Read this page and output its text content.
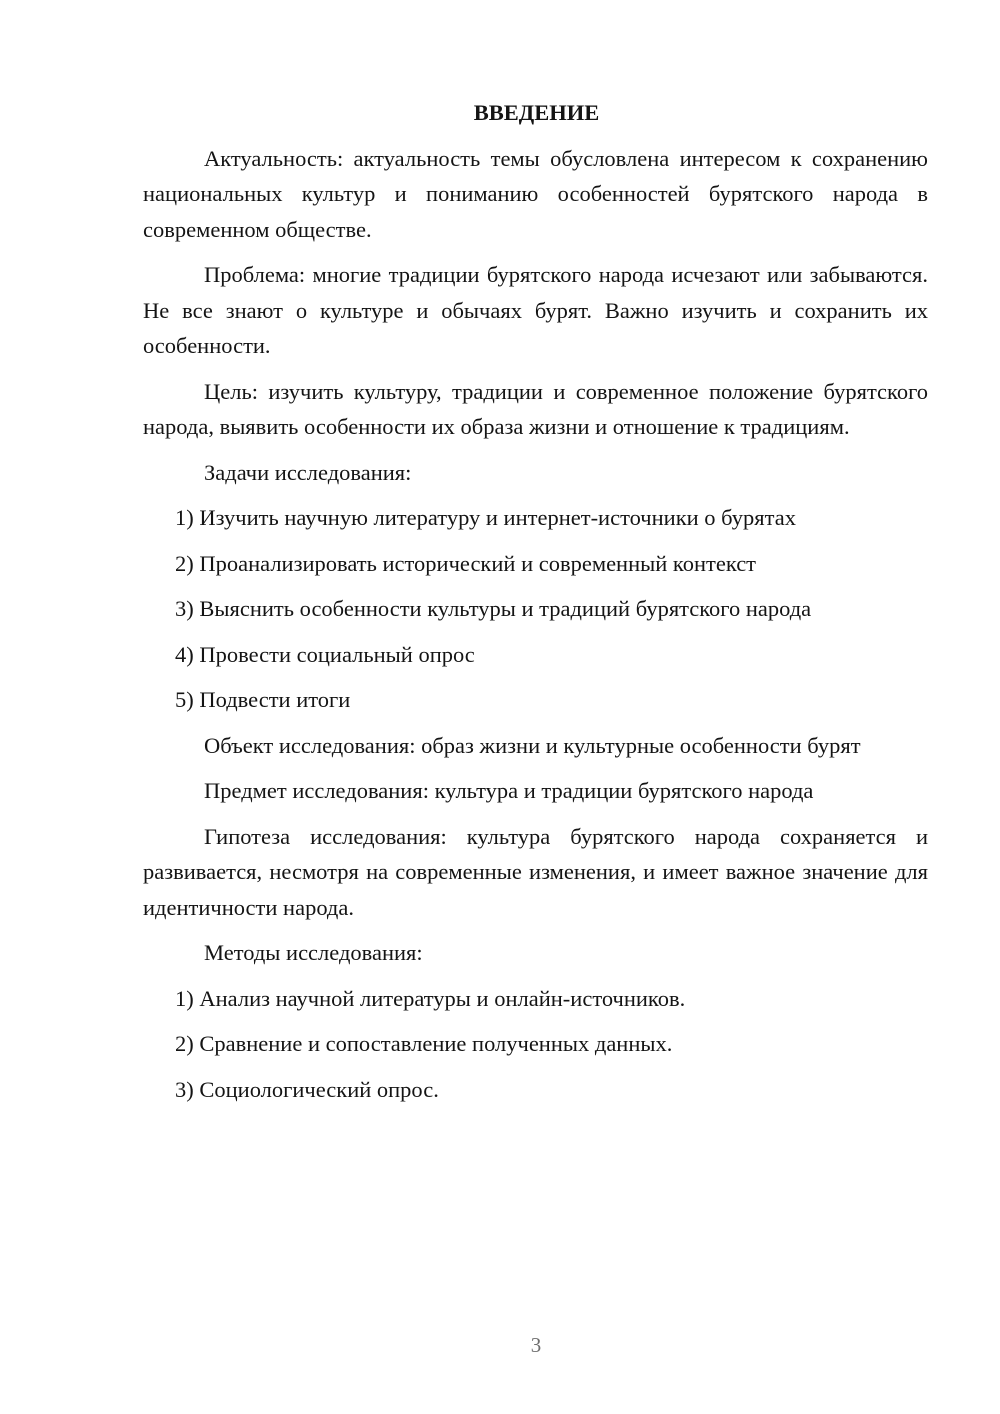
ВВЕДЕНИЕ

Актуальность: актуальность темы обусловлена интересом к сохранению национальных культур и пониманию особенностей бурятского народа в современном обществе.

Проблема: многие традиции бурятского народа исчезают или забываются. Не все знают о культуре и обычаях бурят. Важно изучить и сохранить их особенности.

Цель: изучить культуру, традиции и современное положение бурятского народа, выявить особенности их образа жизни и отношение к традициям.

Задачи исследования:

1) Изучить научную литературу и интернет-источники о бурятах

2) Проанализировать исторический и современный контекст

3) Выяснить особенности культуры и традиций бурятского народа

4) Провести социальный опрос

5) Подвести итоги

Объект исследования: образ жизни и культурные особенности бурят

Предмет исследования: культура и традиции бурятского народа

Гипотеза исследования: культура бурятского народа сохраняется и развивается, несмотря на современные изменения, и имеет важное значение для идентичности народа.

Методы исследования:

1) Анализ научной литературы и онлайн-источников.

2) Сравнение и сопоставление полученных данных.

3) Социологический опрос.

3
